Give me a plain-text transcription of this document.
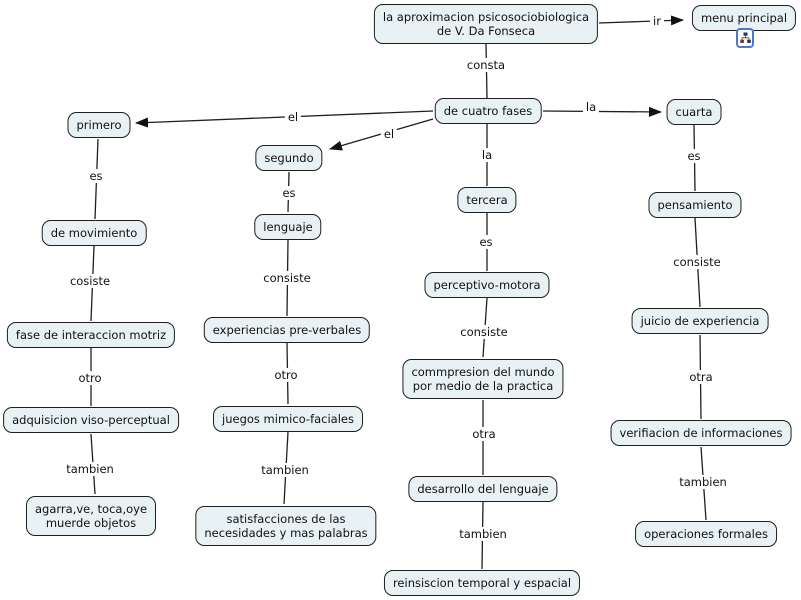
la aproximacion psicosociobiologica
de V. Da Fonseca
menu principal
de cuatro fases
primero
segundo
tercera
cuarta
de movimiento
fase de interaccion motriz
adquisicion viso-perceptual
agarra,ve, toca,oye
muerde objetos
lenguaje
experiencias pre-verbales
juegos mimico-faciales
satisfacciones de las
necesidades y mas palabras
perceptivo-motora
commpresion del mundo
por medio de la practica
desarrollo del lenguaje
reinsiscion temporal y espacial
pensamiento
juicio de experiencia
verifiacion de informaciones
operaciones formales
ir
consta
el
el
la
la
es
cosiste
otro
tambien
es
consiste
otro
tambien
es
consiste
otra
tambien
es
consiste
otra
tambien
